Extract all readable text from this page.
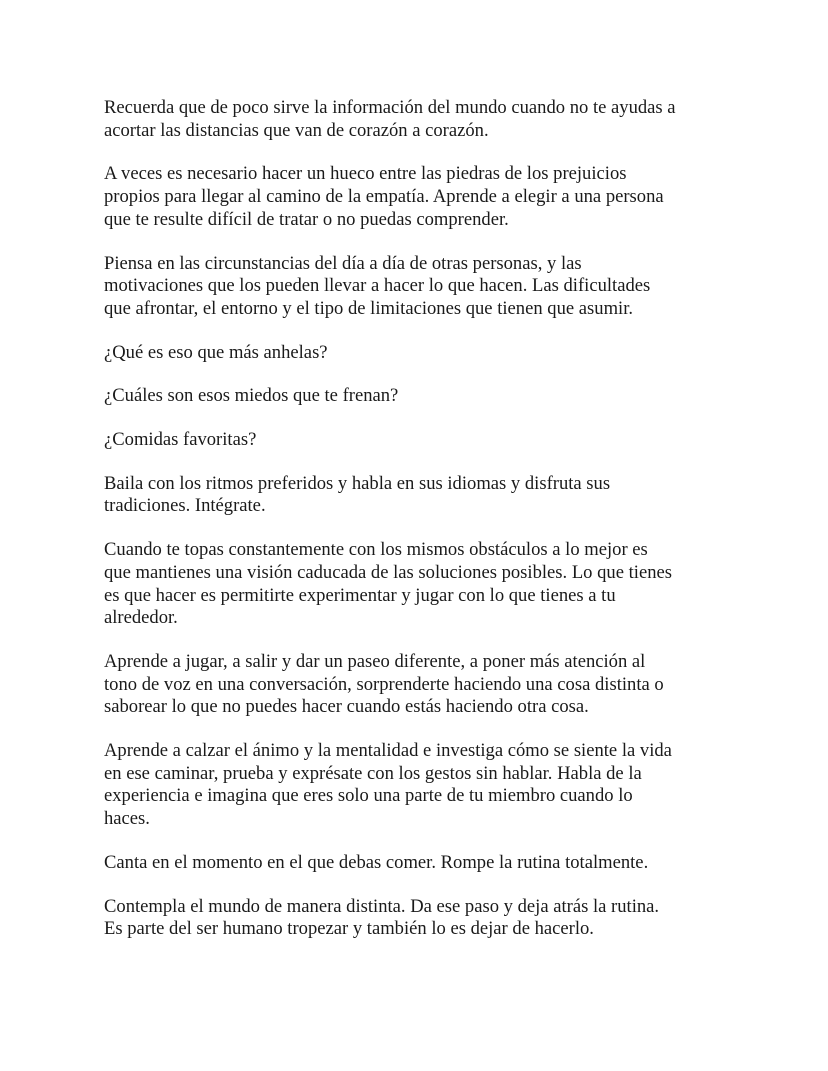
Recuerda que de poco sirve la información del mundo cuando no te ayudas a
acortar las distancias que van de corazón a corazón.

A veces es necesario hacer un hueco entre las piedras de los prejuicios
propios para llegar al camino de la empatía. Aprende a elegir a una persona
que te resulte difícil de tratar o no puedas comprender.

Piensa en las circunstancias del día a día de otras personas, y las
motivaciones que los pueden llevar a hacer lo que hacen. Las dificultades
que afrontar, el entorno y el tipo de limitaciones que tienen que asumir.

¿Qué es eso que más anhelas?

¿Cuáles son esos miedos que te frenan?

¿Comidas favoritas?

Baila con los ritmos preferidos y habla en sus idiomas y disfruta sus
tradiciones. Intégrate.

Cuando te topas constantemente con los mismos obstáculos a lo mejor es
que mantienes una visión caducada de las soluciones posibles. Lo que tienes
es que hacer es permitirte experimentar y jugar con lo que tienes a tu
alrededor.

Aprende a jugar, a salir y dar un paseo diferente, a poner más atención al
tono de voz en una conversación, sorprenderte haciendo una cosa distinta o
saborear lo que no puedes hacer cuando estás haciendo otra cosa.

Aprende a calzar el ánimo y la mentalidad e investiga cómo se siente la vida
en ese caminar, prueba y exprésate con los gestos sin hablar. Habla de la
experiencia e imagina que eres solo una parte de tu miembro cuando lo
haces.

Canta en el momento en el que debas comer. Rompe la rutina totalmente.

Contempla el mundo de manera distinta. Da ese paso y deja atrás la rutina.
Es parte del ser humano tropezar y también lo es dejar de hacerlo.
